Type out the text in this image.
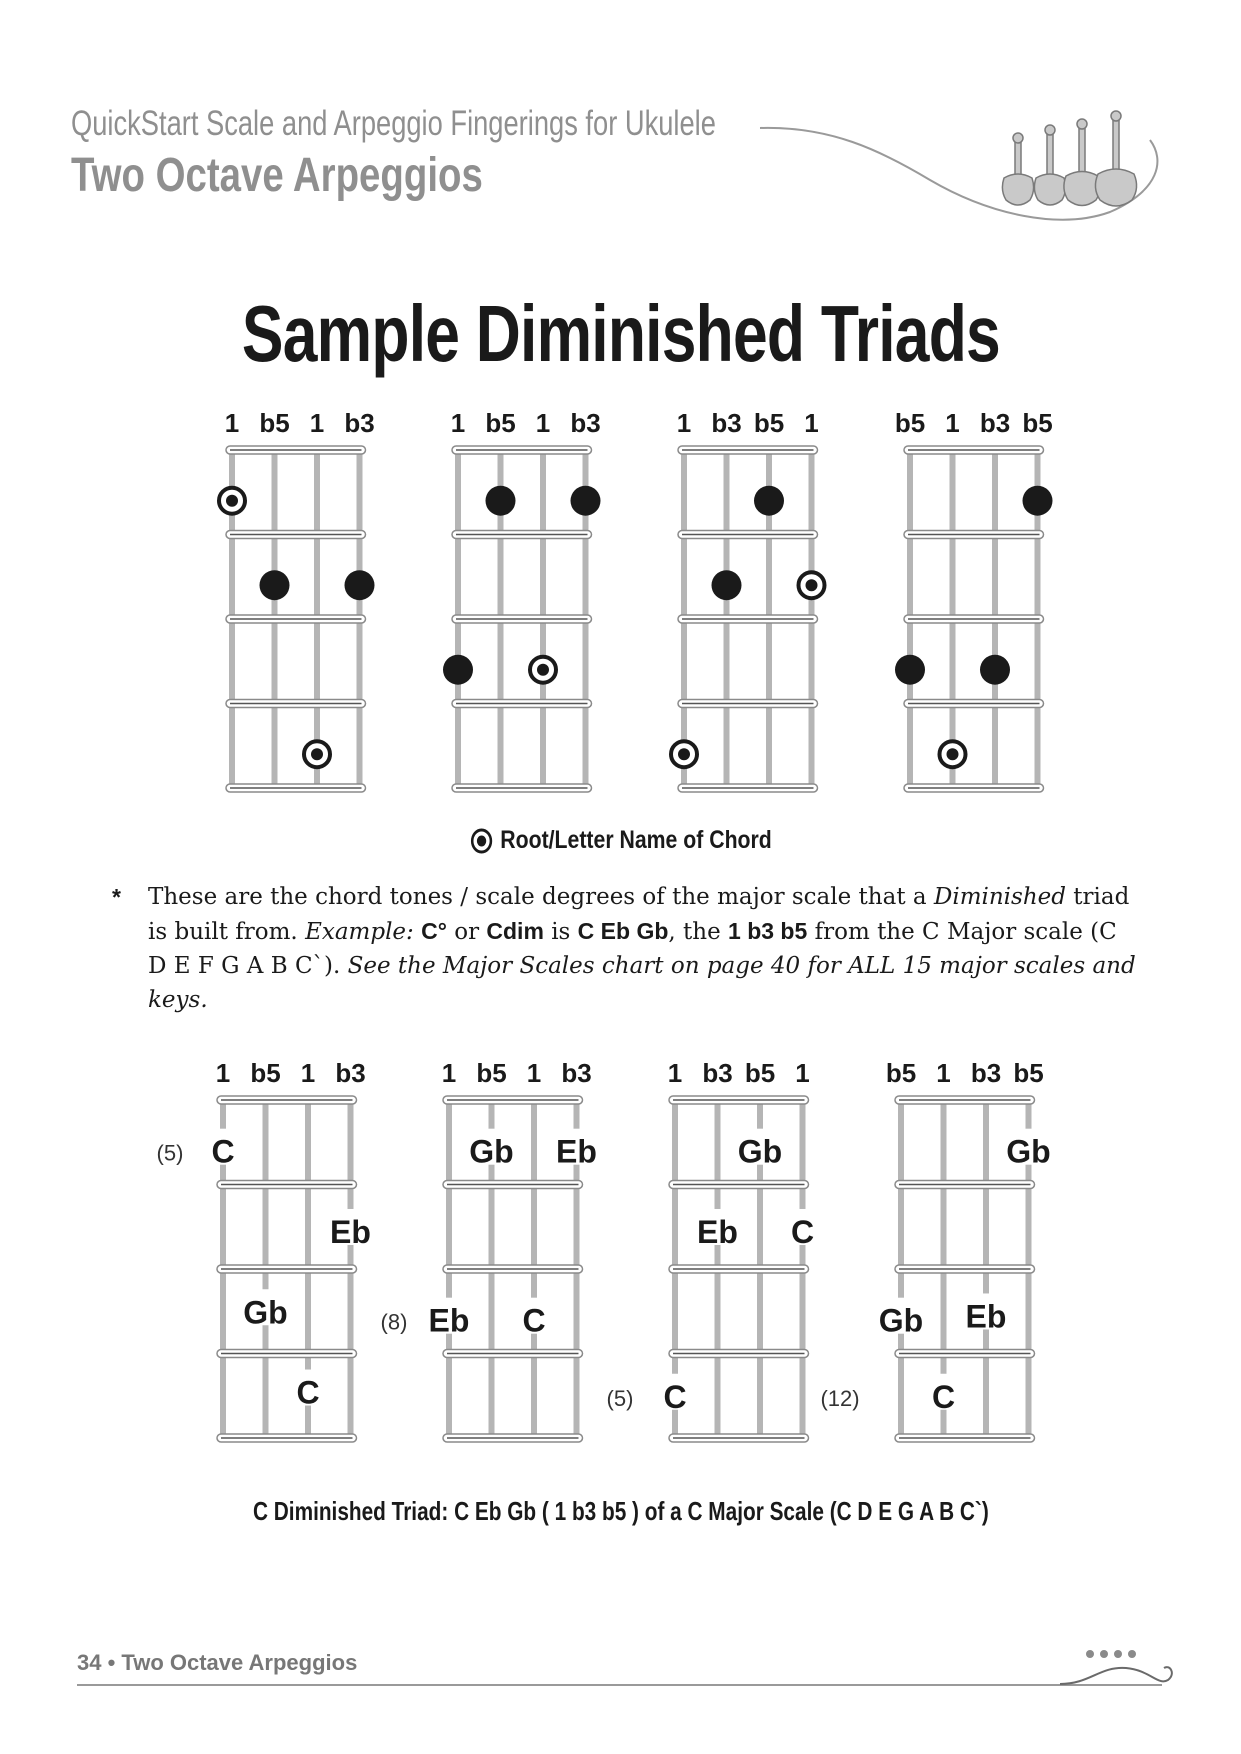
QuickStart Scale and Arpeggio Fingerings for Ukulele
Two Octave Arpeggios
Sample Diminished Triads
1 b5 1 b3	1 b5 1 b3	1 b3 b5 1	b5 1 b3 b5
Root/Letter Name of Chord
* These are the chord tones / scale degrees of the major scale that a Diminished triad is built from. Example: C° or Cdim is C Eb Gb, the 1 b3 b5 from the C Major scale (C D E F G A B C`). See the Major Scales chart on page 40 for ALL 15 major scales and keys.
1 b5 1 b3
C
Eb
Gb
C
(5)
1 b5 1 b3
Gb Eb
Eb C
(8)
1 b3 b5 1
Gb
Eb C
C
(5)
b5 1 b3 b5
Gb
Gb Eb
C
(12)
C Diminished Triad: C Eb Gb ( 1 b3 b5 ) of a C Major Scale (C D E G A B C`)
34 • Two Octave Arpeggios
